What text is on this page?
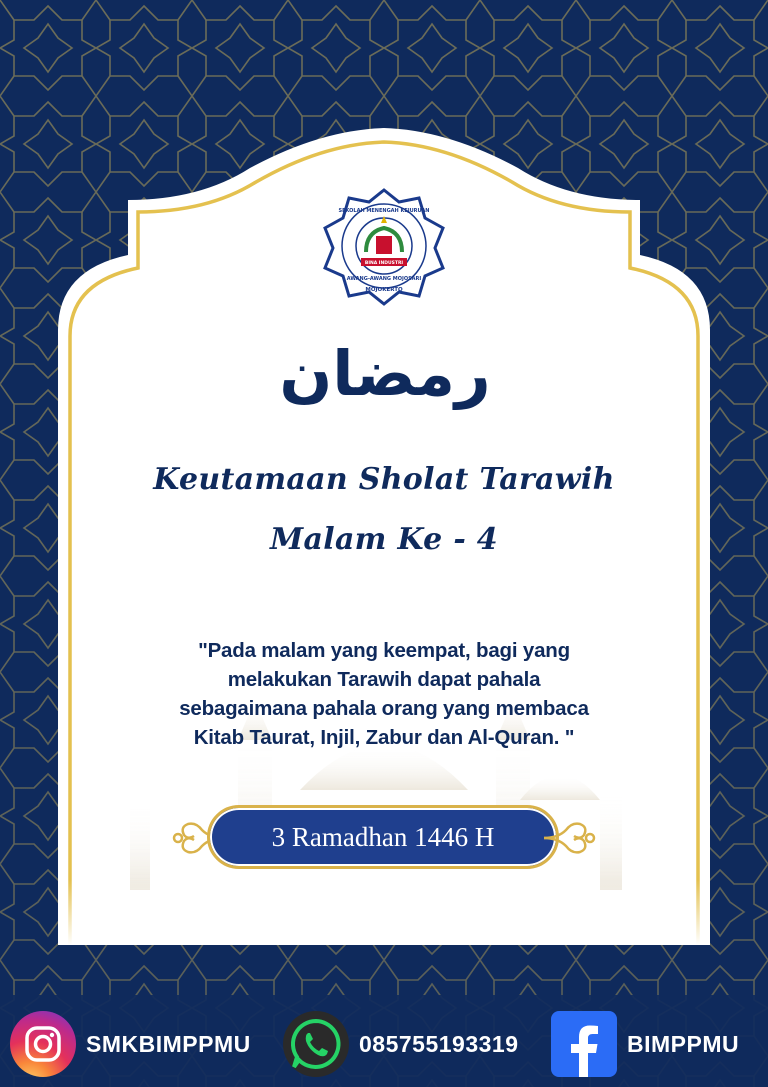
BINA INDUSTRI
AWANG-AWANG MOJOSARI
MOJOKERTO
SEKOLAH MENENGAH KEJURUAN
رمضان
Keutamaan Sholat Tarawih
Malam Ke - 4
"Pada malam yang keempat, bagi yang
melakukan Tarawih dapat pahala
sebagaimana pahala orang yang membaca
Kitab Taurat, Injil, Zabur dan Al-Quran. "
3 Ramadhan 1446 H
SMKBIMPPMU	085755193319	BIMPPMU
